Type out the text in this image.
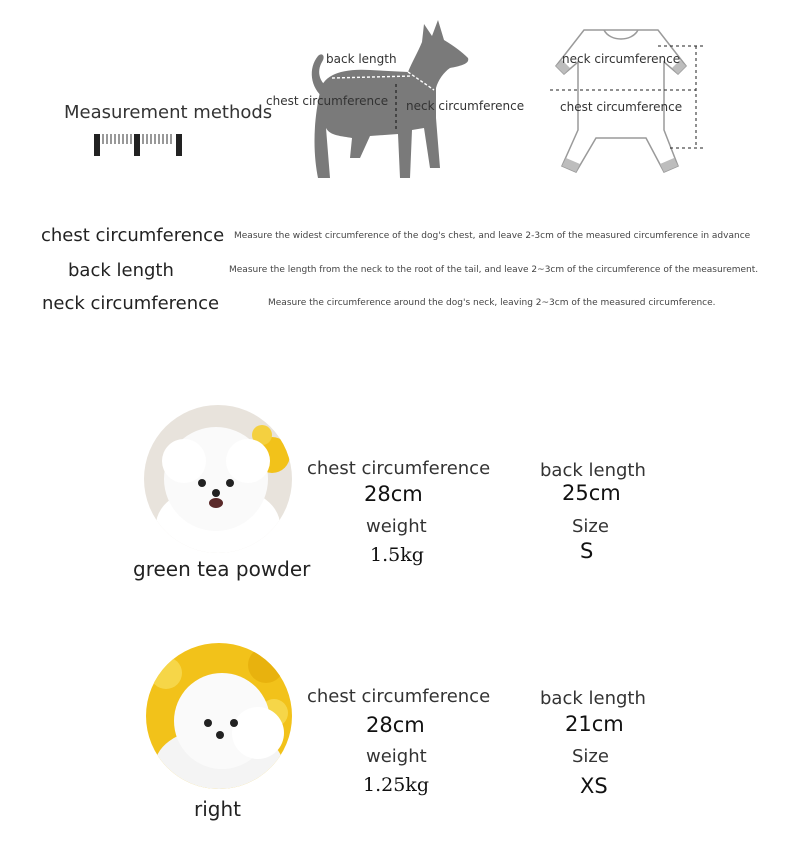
Measurement methods
back length
chest circumference neck circumference
neck circumference
chest circumference
chest circumference Measure the widest circumference of the dog's chest, and leave 2-3cm of the measured circumference in advance
back length	Measure the length from the neck to the root of the tail, and leave 2~3cm of the circumference of the measurement.
neck circumference	Measure the circumference around the dog's neck, leaving 2~3cm of the measured circumference.
green tea powder
chest circumference
28cm
weight
1.5kg
back length
25cm
Size
S
right
chest circumference
28cm
weight
1.25kg
back length
21cm
Size
XS
